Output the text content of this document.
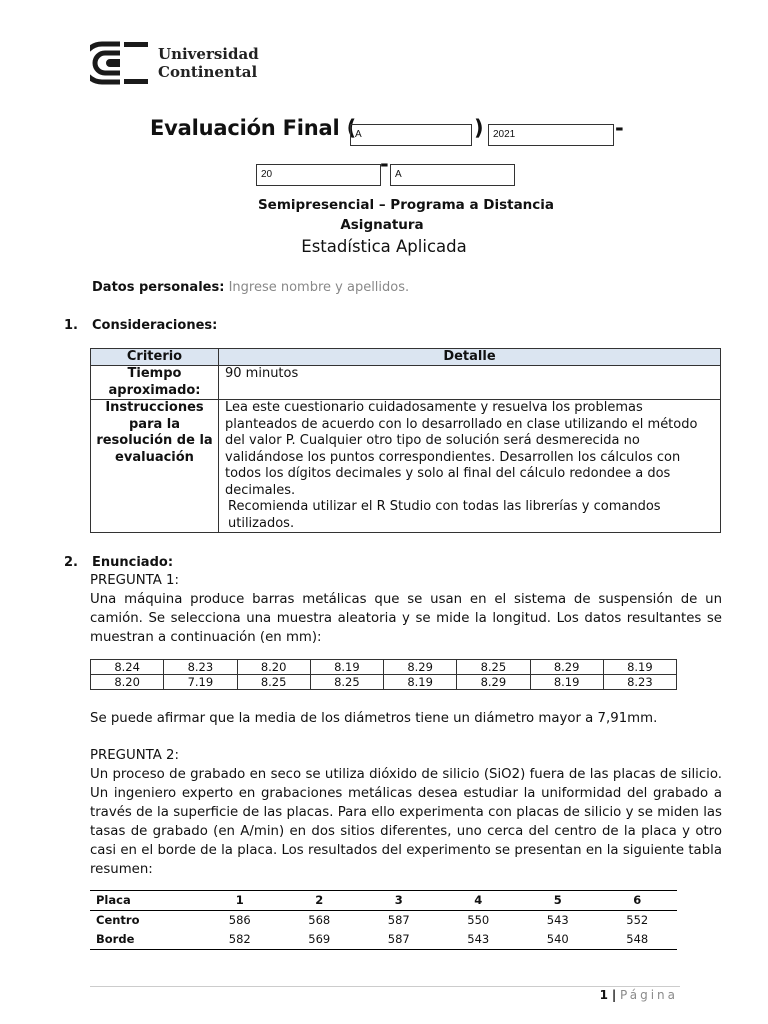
Universidad
Continental
Evaluación Final (
A	) 2021	-
20	- A
Semipresencial – Programa a Distancia
Asignatura
Estadística Aplicada
Datos personales: Ingrese nombre y apellidos.
1. Consideraciones:
Criterio	Detalle
Tiempo aproximado:	90 minutos
Instrucciones para la resolución de la evaluación	Lea este cuestionario cuidadosamente y resuelva los problemas planteados de acuerdo con lo desarrollado en clase utilizando el método del valor P. Cualquier otro tipo de solución será desmerecida no validándose los puntos correspondientes. Desarrollen los cálculos con todos los dígitos decimales y solo al final del cálculo redondee a dos decimales.

Recomienda utilizar el R Studio con todas las librerías y comandos utilizados.

2. Enunciado:

PREGUNTA 1:

Una máquina produce barras metálicas que se usan en el sistema de suspensión de un camión. Se selecciona una muestra aleatoria y se mide la longitud. Los datos resultantes se muestran a continuación (en mm):

8.24	8.23	8.20	8.19	8.29	8.25	8.29	8.19
8.20	7.19	8.25	8.25	8.19	8.29	8.19	8.23

Se puede afirmar que la media de los diámetros tiene un diámetro mayor a 7,91mm.

PREGUNTA 2:

Un proceso de grabado en seco se utiliza dióxido de silicio (SiO2) fuera de las placas de silicio. Un ingeniero experto en grabaciones metálicas desea estudiar la uniformidad del grabado a través de la superficie de las placas. Para ello experimenta con placas de silicio y se miden las tasas de grabado (en A/min) en dos sitios diferentes, uno cerca del centro de la placa y otro casi en el borde de la placa. Los resultados del experimento se presentan en la siguiente tabla resumen:

Placa	1	2	3	4	5	6
Centro	586	568	587	550	543	552
Borde	582	569	587	543	540	548
1 | Página
